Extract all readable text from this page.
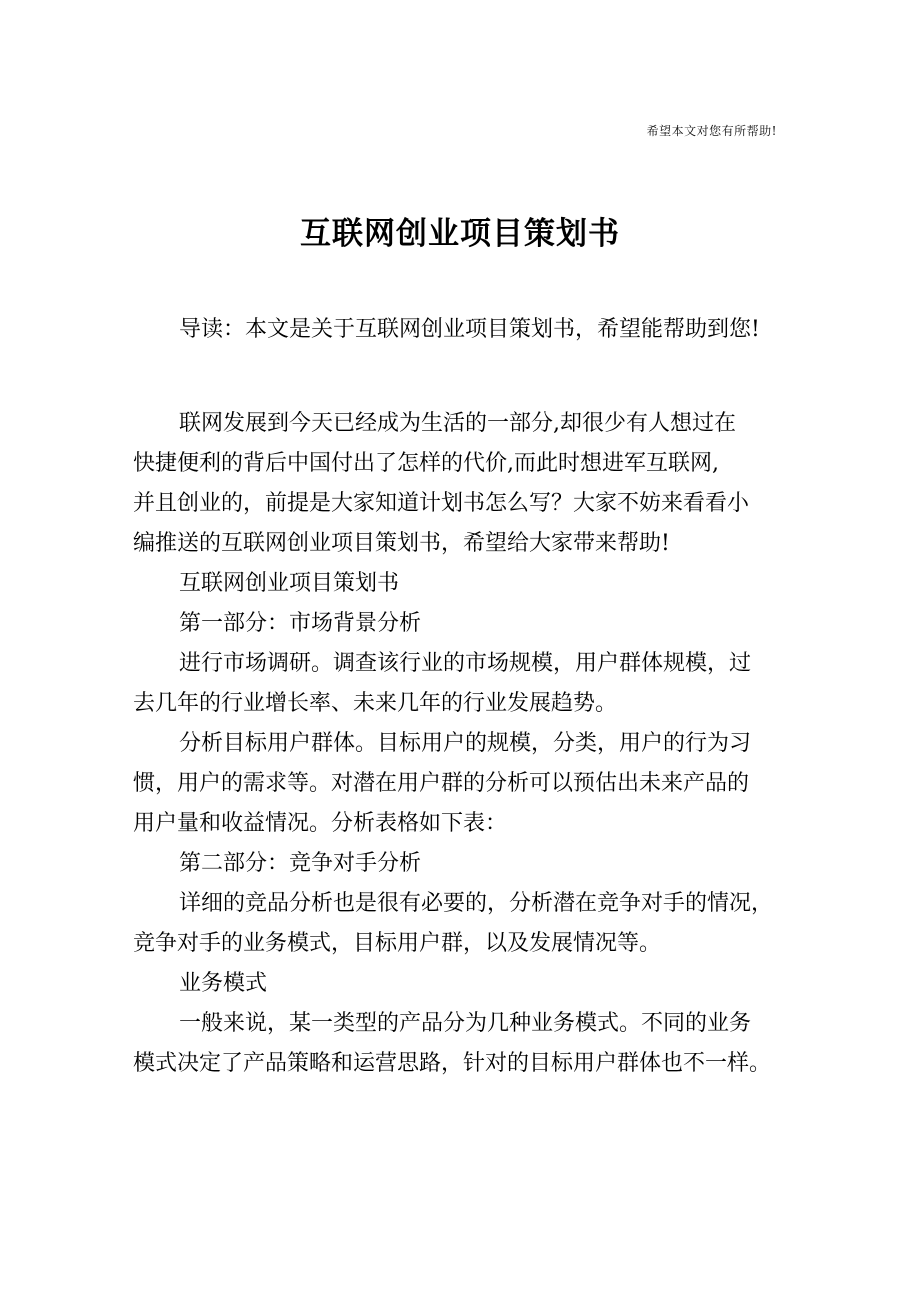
希望本文对您有所帮助!
互联网创业项目策划书
导读：本文是关于互联网创业项目策划书，希望能帮助到您!
联网发展到今天已经成为生活的一部分,却很少有人想过在
快捷便利的背后中国付出了怎样的代价,而此时想进军互联网,
并且创业的，前提是大家知道计划书怎么写？大家不妨来看看小
编推送的互联网创业项目策划书，希望给大家带来帮助!
互联网创业项目策划书
第一部分：市场背景分析
进行市场调研。调查该行业的市场规模，用户群体规模，过
去几年的行业增长率、未来几年的行业发展趋势。
分析目标用户群体。目标用户的规模，分类，用户的行为习
惯，用户的需求等。对潜在用户群的分析可以预估出未来产品的
用户量和收益情况。分析表格如下表：
第二部分：竞争对手分析
详细的竞品分析也是很有必要的，分析潜在竞争对手的情况，
竞争对手的业务模式，目标用户群，以及发展情况等。
业务模式
一般来说，某一类型的产品分为几种业务模式。不同的业务
模式决定了产品策略和运营思路，针对的目标用户群体也不一样。
